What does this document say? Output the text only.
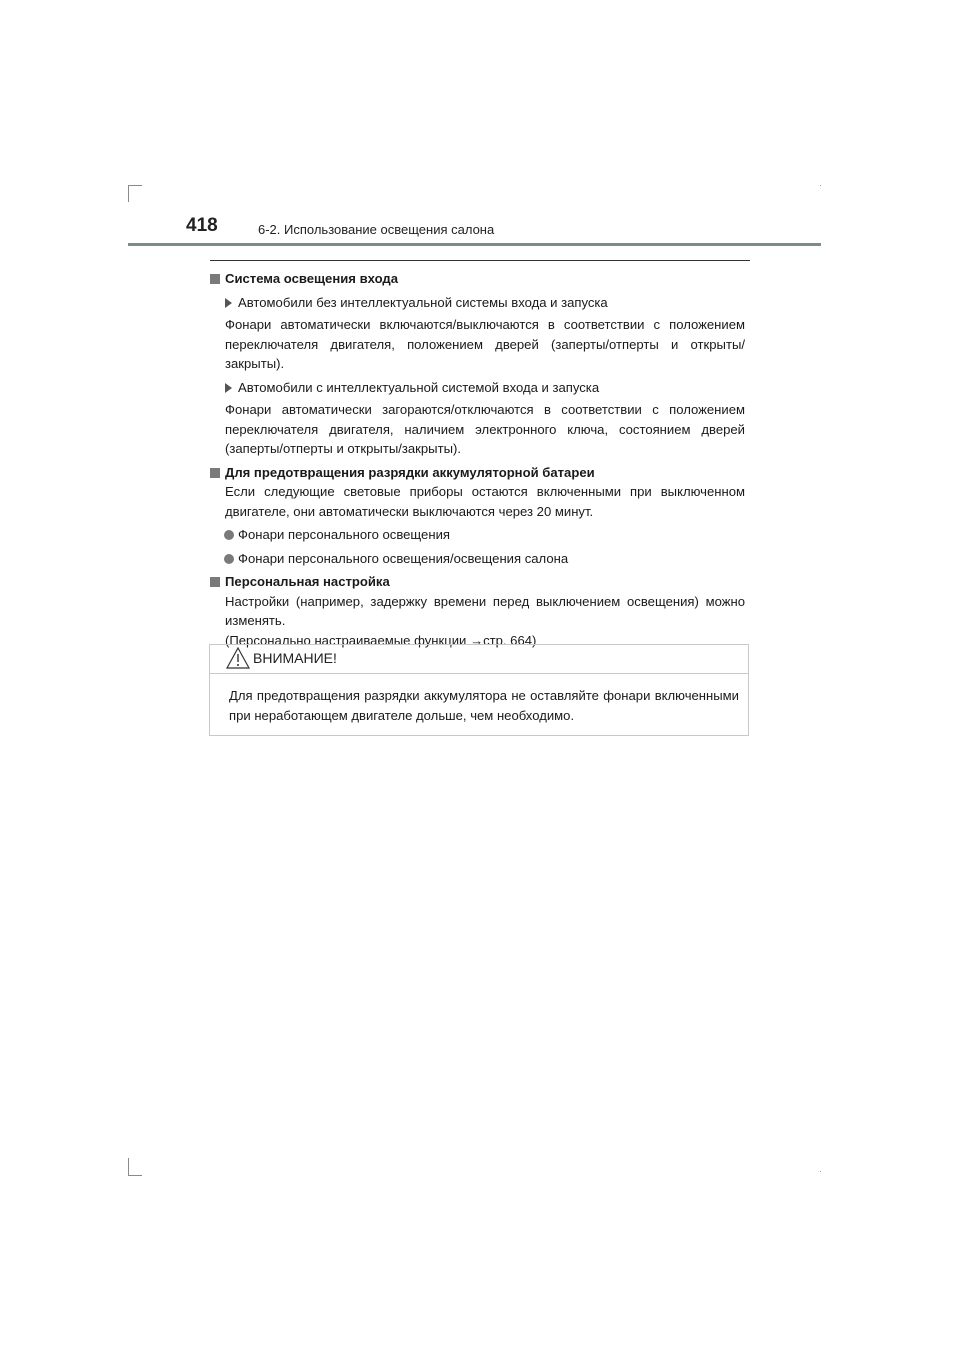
418	6-2. Использование освещения салона
Система освещения входа
Автомобили без интеллектуальной системы входа и запуска

Фонари автоматически включаются/выключаются в соответствии с положением переключателя двигателя, положением дверей (заперты/отперты и открыты/закрыты).

Автомобили с интеллектуальной системой входа и запуска

Фонари автоматически загораются/отключаются в соответствии с положением переключателя двигателя, наличием электронного ключа, состоянием дверей (заперты/отперты и открыты/закрыты).

Для предотвращения разрядки аккумуляторной батареи

Если следующие световые приборы остаются включенными при выключенном двигателе, они автоматически выключаются через 20 минут.

Фонари персонального освещения
Фонари персонального освещения/освещения салона
Персональная настройка

Настройки (например, задержку времени перед выключением освещения) можно изменять.

(Персонально настраиваемые функции →стр. 664)

ВНИМАНИЕ!
Для предотвращения разрядки аккумулятора не оставляйте фонари включенными при неработающем двигателе дольше, чем необходимо.
